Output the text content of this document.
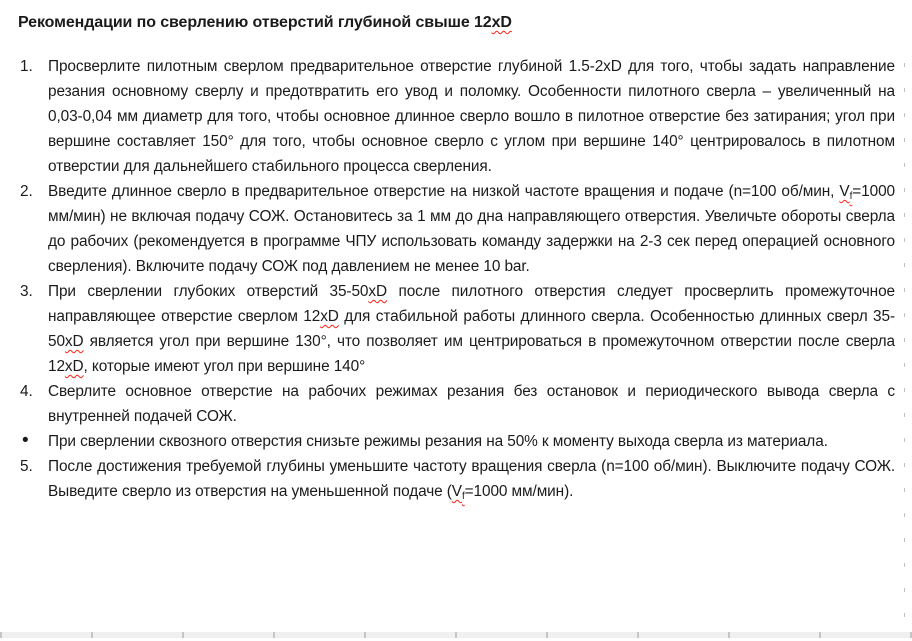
Рекомендации по сверлению отверстий глубиной свыше 12xD
1. Просверлите пилотным сверлом предварительное отверстие глубиной 1.5-2xD для того, чтобы задать направление резания основному сверлу и предотвратить его увод и поломку. Особенности пилотного сверла – увеличенный на 0,03-0,04 мм диаметр для того, чтобы основное длинное сверло вошло в пилотное отверстие без затирания; угол при вершине составляет 150° для того, чтобы основное сверло с углом при вершине 140° центрировалось в пилотном отверстии для дальнейшего стабильного процесса сверления.
2. Введите длинное сверло в предварительное отверстие на низкой частоте вращения и подаче (n=100 об/мин, $V_f=1000$ мм/мин) не включая подачу СОЖ. Остановитесь за 1 мм до дна направляющего отверстия. Увеличьте обороты сверла до рабочих (рекомендуется в программе ЧПУ использовать команду задержки на 2-3 сек перед операцией основного сверления). Включите подачу СОЖ под давлением не менее 10 bar.
3. При сверлении глубоких отверстий 35-50xD после пилотного отверстия следует просверлить промежуточное направляющее отверстие сверлом 12xD для стабильной работы длинного сверла. Особенностью длинных сверл 35-50xD является угол при вершине 130°, что позволяет им центрироваться в промежуточном отверстии после сверла 12xD, которые имеют угол при вершине 140°
4. Сверлите основное отверстие на рабочих режимах резания без остановок и периодического вывода сверла с внутренней подачей СОЖ.
• При сверлении сквозного отверстия снизьте режимы резания на 50% к моменту выхода сверла из материала.
5. После достижения требуемой глубины уменьшите частоту вращения сверла (n=100 об/мин). Выключите подачу СОЖ. Выведите сверло из отверстия на уменьшенной подаче ($V_f=1000$ мм/мин).
